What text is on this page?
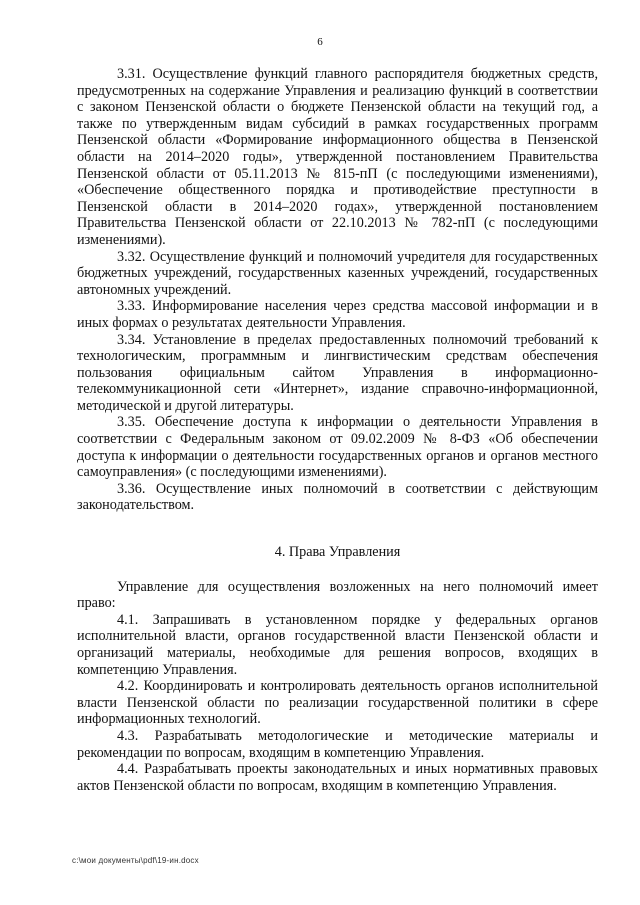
6

3.31. Осуществление функций главного распорядителя бюджетных средств, предусмотренных на содержание Управления и реализацию функций в соответствии с законом Пензенской области о бюджете Пензенской области на текущий год, а также по утвержденным видам субсидий в рамках государственных программ Пензенской области «Формирование информационного общества в Пензенской области на 2014–2020 годы», утвержденной постановлением Правительства Пензенской области от 05.11.2013 № 815-пП (с последующими изменениями), «Обеспечение общественного порядка и противодействие преступности в Пензенской области в 2014–2020 годах», утвержденной постановлением Правительства Пензенской области от 22.10.2013 № 782-пП (с последующими изменениями).

3.32. Осуществление функций и полномочий учредителя для государственных бюджетных учреждений, государственных казенных учреждений, государственных автономных учреждений.

3.33. Информирование населения через средства массовой информации и в иных формах о результатах деятельности Управления.

3.34. Установление в пределах предоставленных полномочий требований к технологическим, программным и лингвистическим средствам обеспечения пользования официальным сайтом Управления в информационно-телекоммуникационной сети «Интернет», издание справочно-информационной, методической и другой литературы.

3.35. Обеспечение доступа к информации о деятельности Управления в соответствии с Федеральным законом от 09.02.2009 № 8-ФЗ «Об обеспечении доступа к информации о деятельности государственных органов и органов местного самоуправления» (с последующими изменениями).

3.36. Осуществление иных полномочий в соответствии с действующим законодательством.

4. Права Управления

Управление для осуществления возложенных на него полномочий имеет право:

4.1. Запрашивать в установленном порядке у федеральных органов исполнительной власти, органов государственной власти Пензенской области и организаций материалы, необходимые для решения вопросов, входящих в компетенцию Управления.

4.2. Координировать и контролировать деятельность органов исполнительной власти Пензенской области по реализации государственной политики в сфере информационных технологий.

4.3. Разрабатывать методологические и методические материалы и рекомендации по вопросам, входящим в компетенцию Управления.

4.4. Разрабатывать проекты законодательных и иных нормативных правовых актов Пензенской области по вопросам, входящим в компетенцию Управления.

c:\мои документы\pdf\19-ин.docx
